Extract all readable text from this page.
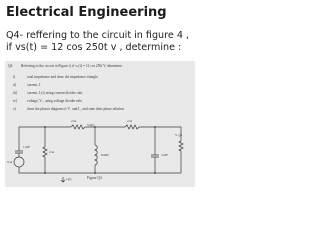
Electrical Engineering
Q4- reffering to the circuit in figure 4 , if vs(t) = 12 cos 250t v , determine :
Q4 Referring to the circuit in Figure 4, if vₛ(t) = 12 cos 250t V, determine :
i)	total impedance and draw the impedance triangle.
ii)	current, I.
iii)	current, I₁(t) using current divider rule.
iv)	voltage, V₁, using voltage divider rule.
v)	draw the phasor diagram of V₁ and I₁, and state their phase relation.
2 Ω	2 Ω
Vx(t)
1 mF
5 Ω
2 Ω
8 mH	2 mF
V₁(t)
i₁(t)	Figure Q4
